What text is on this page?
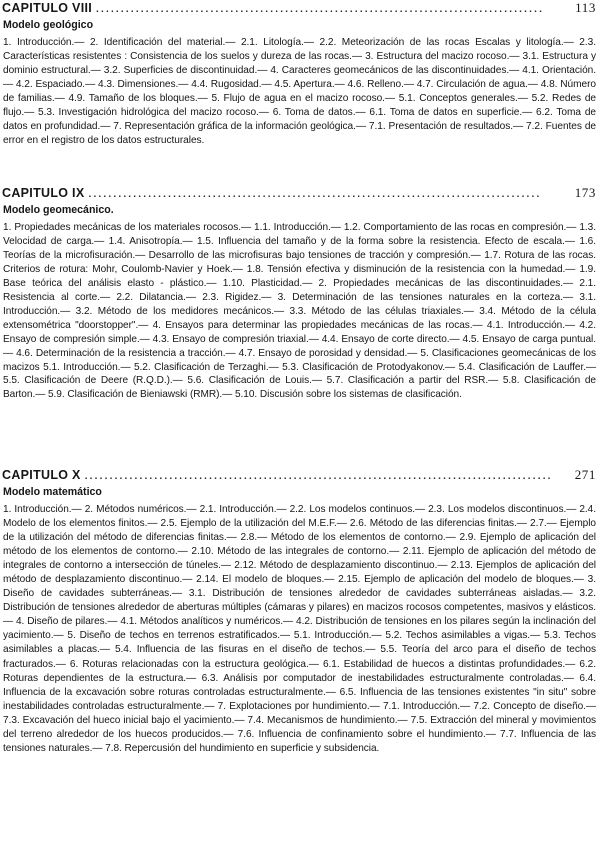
CAPITULO VIII ..........................................................................................	113
Modelo geológico
1. Introducción.— 2. Identificación del material.— 2.1. Litología.— 2.2. Meteorización de las rocas Escalas y litología.— 2.3. Características resistentes : Consistencia de los suelos y dureza de las rocas.— 3. Estructura del macizo rocoso.— 3.1. Estructura y dominio estructural.— 3.2. Superficies de discontinuidad.— 4. Caracteres geomecánicos de las discontinuidades.— 4.1. Orientación.— 4.2. Espaciado.— 4.3. Dimensiones.— 4.4. Rugosidad.— 4.5. Apertura.— 4.6. Relleno.— 4.7. Circulación de agua.— 4.8. Número de familias.— 4.9. Tamaño de los bloques.— 5. Flujo de agua en el macizo rocoso.— 5.1. Conceptos generales.— 5.2. Redes de flujo.— 5.3. Investigación hidrológica del macizo rocoso.— 6. Toma de datos.— 6.1. Toma de datos en superficie.— 6.2. Toma de datos en profundidad.— 7. Representación gráfica de la información geológica.— 7.1. Presentación de resultados.— 7.2. Fuentes de error en el registro de los datos estructurales.
CAPITULO IX ...........................................................................................	173
Modelo geomecánico.
1. Propiedades mecánicas de los materiales rocosos.— 1.1. Introducción.— 1.2. Comportamiento de las rocas en compresión.— 1.3. Velocidad de carga.— 1.4. Anisotropía.— 1.5. Influencia del tamaño y de la forma sobre la resistencia. Efecto de escala.— 1.6. Teorías de la microfisuración.— Desarrollo de las microfisuras bajo tensiones de tracción y compresión.— 1.7. Rotura de las rocas. Criterios de rotura: Mohr, Coulomb-Navier y Hoek.— 1.8. Tensión efectiva y disminución de la resistencia con la humedad.— 1.9. Base teórica del análisis elasto - plástico.— 1.10. Plasticidad.— 2. Propiedades mecánicas de las discontinuidades.— 2.1. Resistencia al corte.— 2.2. Dilatancia.— 2.3. Rigidez.— 3. Determinación de las tensiones naturales en la corteza.— 3.1. Introducción.— 3.2. Método de los medidores mecánicos.— 3.3. Método de las células triaxiales.— 3.4. Método de la célula extensométrica "doorstopper".— 4. Ensayos para determinar las propiedades mecánicas de las rocas.— 4.1. Introducción.— 4.2. Ensayo de compresión simple.— 4.3. Ensayo de compresión triaxial.— 4.4. Ensayo de corte directo.— 4.5. Ensayo de carga puntual.— 4.6. Determinación de la resistencia a tracción.— 4.7. Ensayo de porosidad y densidad.— 5. Clasificaciones geomecánicas de los macizos 5.1. Introducción.— 5.2. Clasificación de Terzaghi.— 5.3. Clasificación de Protodyakonov.— 5.4. Clasificación de Lauffer.— 5.5. Clasificación de Deere (R.Q.D.).— 5.6. Clasificación de Louis.— 5.7. Clasificación a partir del RSR.— 5.8. Clasificación de Barton.— 5.9. Clasificación de Bieniawski (RMR).— 5.10. Discusión sobre los sistemas de clasificación.
CAPITULO X ..............................................................................................	271
Modelo matemático
1. Introducción.— 2. Métodos numéricos.— 2.1. Introducción.— 2.2. Los modelos continuos.— 2.3. Los modelos discontinuos.— 2.4. Modelo de los elementos finitos.— 2.5. Ejemplo de la utilización del M.E.F.— 2.6. Método de las diferencias finitas.— 2.7.— Ejemplo de la utilización del método de diferencias finitas.— 2.8.— Método de los elementos de contorno.— 2.9. Ejemplo de aplicación del método de los elementos de contorno.— 2.10. Método de las integrales de contorno.— 2.11. Ejemplo de aplicación del método de integrales de contorno a intersección de túneles.— 2.12. Método de desplazamiento discontinuo.— 2.13. Ejemplos de aplicación del método de desplazamiento discontinuo.— 2.14. El modelo de bloques.— 2.15. Ejemplo de aplicación del modelo de bloques.— 3. Diseño de cavidades subterráneas.— 3.1. Distribución de tensiones alrededor de cavidades subterráneas aisladas.— 3.2. Distribución de tensiones alrededor de aberturas múltiples (cámaras y pilares) en macizos rocosos competentes, masivos y elásticos.— 4. Diseño de pilares.— 4.1. Métodos analíticos y numéricos.— 4.2. Distribución de tensiones en los pilares según la inclinación del yacimiento.— 5. Diseño de techos en terrenos estratificados.— 5.1. Introducción.— 5.2. Techos asimilables a vigas.— 5.3. Techos asimilables a placas.— 5.4. Influencia de las fisuras en el diseño de techos.— 5.5. Teoría del arco para el diseño de techos fracturados.— 6. Roturas relacionadas con la estructura geológica.— 6.1. Estabilidad de huecos a distintas profundidades.— 6.2. Roturas dependientes de la estructura.— 6.3. Análisis por computador de inestabilidades estructuralmente controladas.— 6.4. Influencia de la excavación sobre roturas controladas estructuralmente.— 6.5. Influencia de las tensiones existentes "in situ" sobre inestabilidades controladas estructuralmente.— 7. Explotaciones por hundimiento.— 7.1. Introducción.— 7.2. Concepto de diseño.— 7.3. Excavación del hueco inicial bajo el yacimiento.— 7.4. Mecanismos de hundimiento.— 7.5. Extracción del mineral y movimientos del terreno alrededor de los huecos producidos.— 7.6. Influencia de confinamiento sobre el hundimiento.— 7.7. Influencia de las tensiones naturales.— 7.8. Repercusión del hundimiento en superficie y subsidencia.
